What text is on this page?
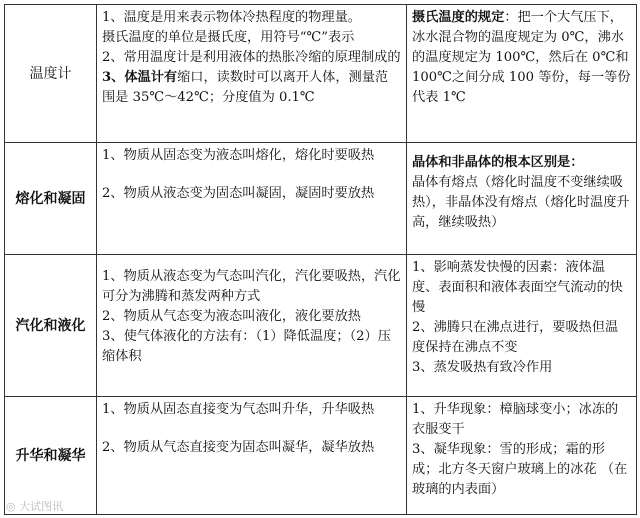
温度计	1、温度是用来表示物体冷热程度的物理量。
摄氏温度的单位是摄氏度，用符号“℃”表示
2、常用温度计是利用液体的热胀冷缩的原理制成的
3、体温计有缩口，读数时可以离开人体，测量范围是 35℃～42℃；分度值为 0.1℃	摄氏温度的规定：把一个大气压下，冰水混合物的温度规定为 0℃，沸水的温度规定为 100℃，然后在 0℃和 100℃之间分成 100 等份，每一等份代表 1℃

熔化和凝固	1、物质从固态变为液态叫熔化，熔化时要吸热
2、物质从液态变为固态叫凝固，凝固时要放热	晶体和非晶体的根本区别是：
晶体有熔点（熔化时温度不变继续吸热），非晶体没有熔点（熔化时温度升高，继续吸热）

汽化和液化	1、物质从液态变为气态叫汽化，汽化要吸热，汽化可分为沸腾和蒸发两种方式
2、物质从气态变为液态叫液化，液化要放热
3、使气体液化的方法有：（1）降低温度；（2）压缩体积	1、影响蒸发快慢的因素：液体温度、表面积和液体表面空气流动的快慢
2、沸腾只在沸点进行，要吸热但温度保持在沸点不变
3、蒸发吸热有致冷作用

升华和凝华	1、物质从固态直接变为气态叫升华，升华吸热
2、物质从气态直接变为固态叫凝华，凝华放热	1、升华现象：樟脑球变小；冰冻的衣服变干
3、凝华现象：雪的形成；霜的形成；北方冬天窗户玻璃上的冰花 （在玻璃的内表面）
◎ 大试图讯
